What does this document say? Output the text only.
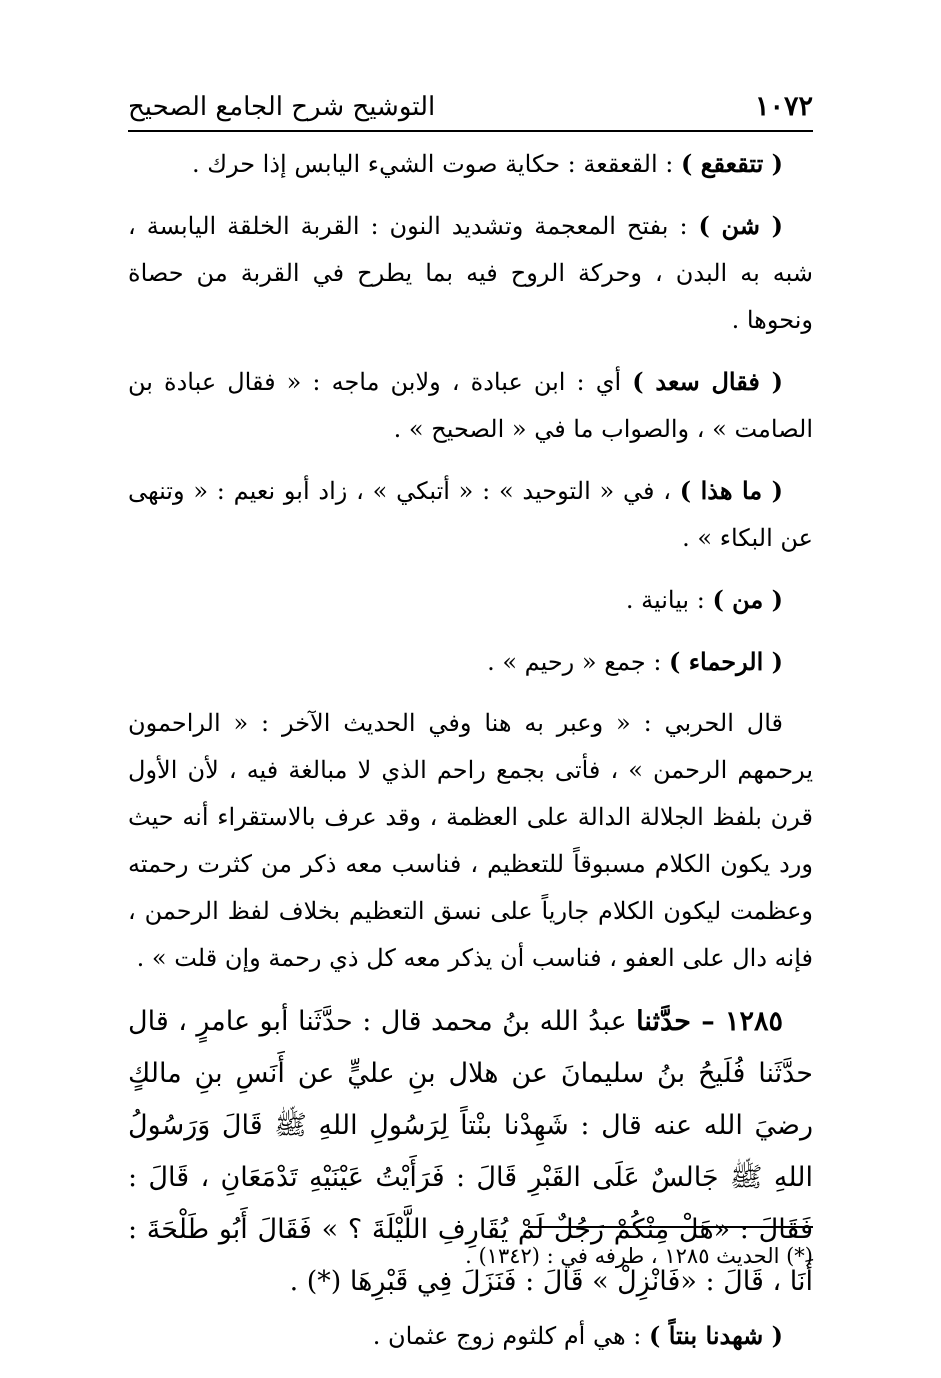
١٠٧٢
التوشيح شرح الجامع الصحيح

( تتقعقع ) : القعقعة : حكاية صوت الشيء اليابس إذا حرك .

( شن ) : بفتح المعجمة وتشديد النون : القربة الخلقة اليابسة ، شبه به البدن ، وحركة الروح فيه بما يطرح في القربة من حصاة ونحوها .

( فقال سعد ) أي : ابن عبادة ، ولابن ماجه : « فقال عبادة بن الصامت » ، والصواب ما في « الصحيح » .

( ما هذا ) ، في « التوحيد » : « أتبكي » ، زاد أبو نعيم : « وتنهى عن البكاء » .

( من ) : بيانية .

( الرحماء ) : جمع « رحيم » .

قال الحربي : « وعبر به هنا وفي الحديث الآخر : « الراحمون يرحمهم الرحمن » ، فأتى بجمع راحم الذي لا مبالغة فيه ، لأن الأول قرن بلفظ الجلالة الدالة على العظمة ، وقد عرف بالاستقراء أنه حيث ورد يكون الكلام مسبوقاً للتعظيم ، فناسب معه ذكر من كثرت رحمته وعظمت ليكون الكلام جارياً على نسق التعظيم بخلاف لفظ الرحمن ، فإنه دال على العفو ، فناسب أن يذكر معه كل ذي رحمة وإن قلت » .

١٢٨٥ – حدَّثنا عبدُ الله بنُ محمد قال : حدَّثَنا أبو عامرٍ ، قال حدَّثَنا فُلَيحُ بنُ سليمانَ عن هلال بنِ عليٍّ عن أَنَسِ بنِ مالكٍ رضيَ الله عنه قال : شَهِدْنا بنْتاً لِرَسُولِ اللهِ ﷺ قَالَ وَرَسُولُ اللهِ ﷺ جَالسٌ عَلَى القَبْرِ قَالَ : فَرَأَيْتُ عَيْنَيْهِ تَدْمَعَانِ ، قَالَ : فَقَالَ : «هَلْ مِنْكُمْ رَجُلٌ لَمْ يُقَارِفِ اللَّيْلَةَ ؟ » فَقَالَ أَبُو طَلْحَةَ : أَنَا ، قَالَ : «فَانْزِلْ » قَالَ : فَنَزَلَ فِي قَبْرِهَا (*) .

( شهدنا بنتاً ) : هي أم كلثوم زوج عثمان .

(*) الحديث ١٢٨٥ ، طرفه في : (١٣٤٢) .
